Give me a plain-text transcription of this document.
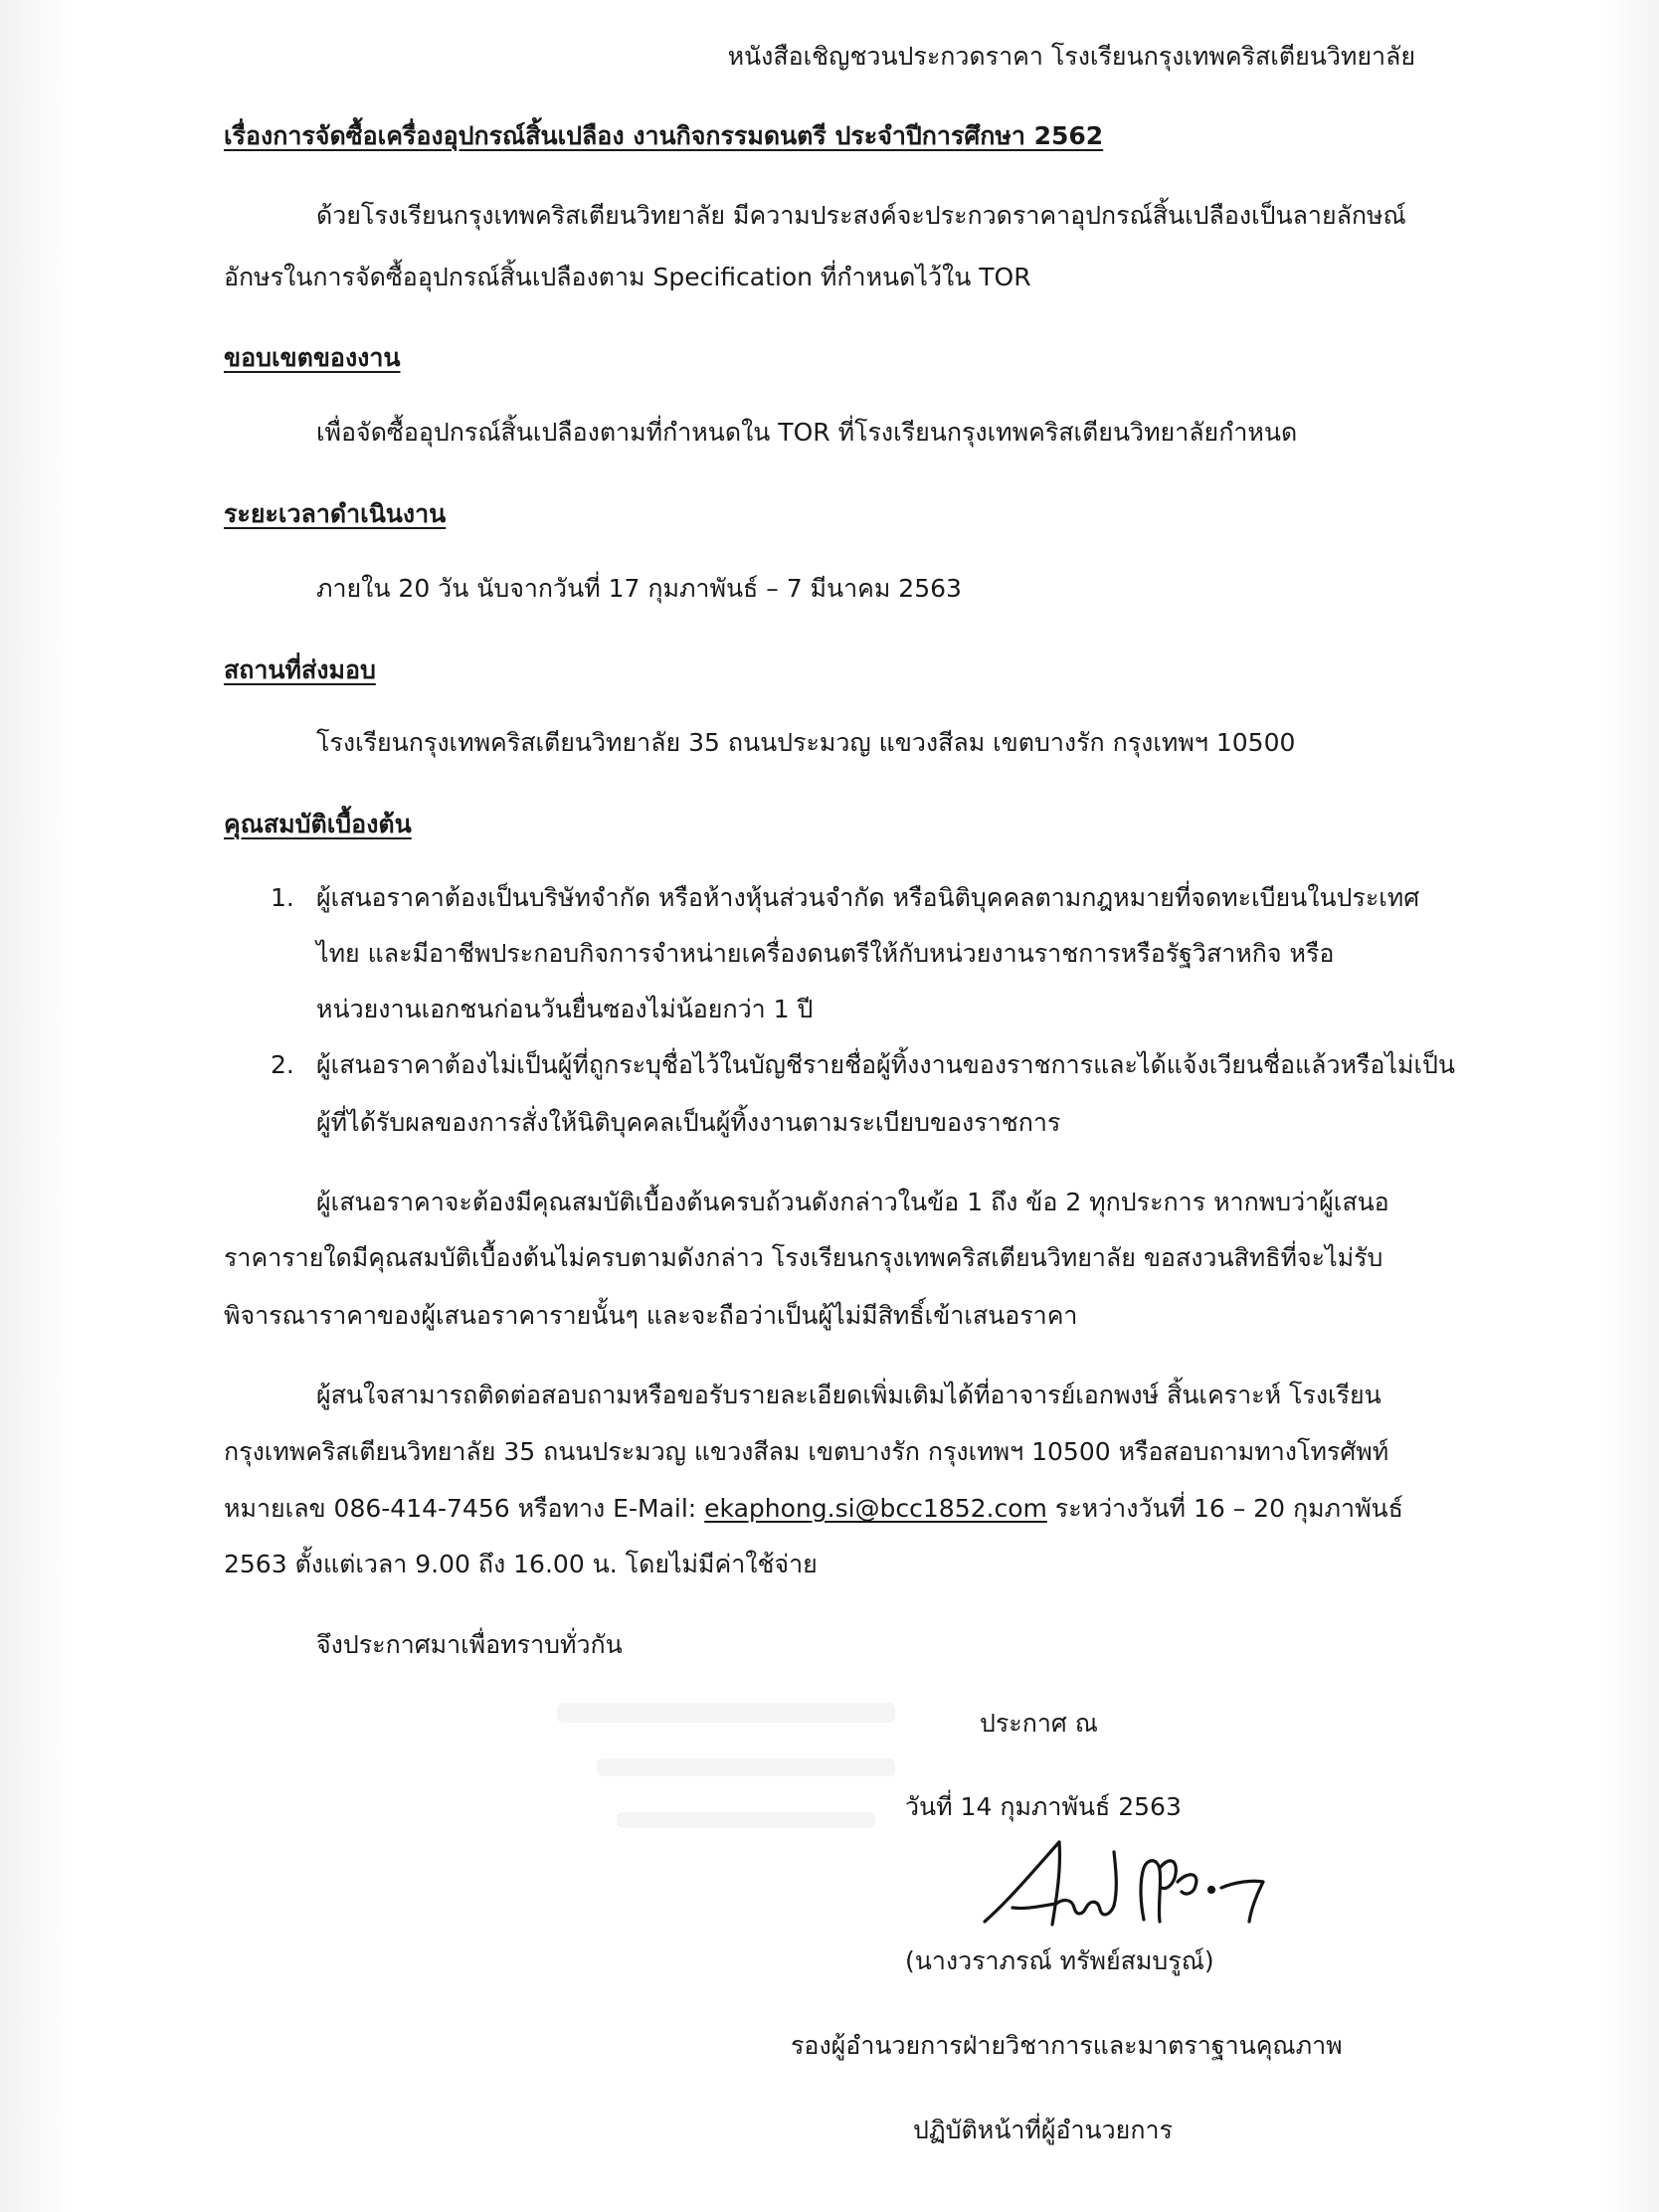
หนังสือเชิญชวนประกวดราคา โรงเรียนกรุงเทพคริสเตียนวิทยาลัย
เรื่องการจัดซื้อเครื่องอุปกรณ์สิ้นเปลือง งานกิจกรรมดนตรี ประจำปีการศึกษา 2562
ด้วยโรงเรียนกรุงเทพคริสเตียนวิทยาลัย มีความประสงค์จะประกวดราคาอุปกรณ์สิ้นเปลืองเป็นลายลักษณ์
อักษรในการจัดซื้ออุปกรณ์สิ้นเปลืองตาม Specification ที่กำหนดไว้ใน TOR
ขอบเขตของงาน
เพื่อจัดซื้ออุปกรณ์สิ้นเปลืองตามที่กำหนดใน TOR ที่โรงเรียนกรุงเทพคริสเตียนวิทยาลัยกำหนด
ระยะเวลาดำเนินงาน
ภายใน 20 วัน นับจากวันที่ 17 กุมภาพันธ์ – 7 มีนาคม 2563
สถานที่ส่งมอบ
โรงเรียนกรุงเทพคริสเตียนวิทยาลัย 35 ถนนประมวญ แขวงสีลม เขตบางรัก กรุงเทพฯ 10500
คุณสมบัติเบื้องต้น
1. ผู้เสนอราคาต้องเป็นบริษัทจำกัด หรือห้างหุ้นส่วนจำกัด หรือนิติบุคคลตามกฎหมายที่จดทะเบียนในประเทศ
ไทย และมีอาชีพประกอบกิจการจำหน่ายเครื่องดนตรีให้กับหน่วยงานราชการหรือรัฐวิสาหกิจ หรือ
หน่วยงานเอกชนก่อนวันยื่นซองไม่น้อยกว่า 1 ปี
2. ผู้เสนอราคาต้องไม่เป็นผู้ที่ถูกระบุชื่อไว้ในบัญชีรายชื่อผู้ทิ้งงานของราชการและได้แจ้งเวียนชื่อแล้วหรือไม่เป็น
ผู้ที่ได้รับผลของการสั่งให้นิติบุคคลเป็นผู้ทิ้งงานตามระเบียบของราชการ
ผู้เสนอราคาจะต้องมีคุณสมบัติเบื้องต้นครบถ้วนดังกล่าวในข้อ 1 ถึง ข้อ 2 ทุกประการ หากพบว่าผู้เสนอ
ราคารายใดมีคุณสมบัติเบื้องต้นไม่ครบตามดังกล่าว โรงเรียนกรุงเทพคริสเตียนวิทยาลัย ขอสงวนสิทธิที่จะไม่รับ
พิจารณาราคาของผู้เสนอราคารายนั้นๆ และจะถือว่าเป็นผู้ไม่มีสิทธิ์เข้าเสนอราคา
ผู้สนใจสามารถติดต่อสอบถามหรือขอรับรายละเอียดเพิ่มเติมได้ที่อาจารย์เอกพงษ์ สิ้นเคราะห์ โรงเรียน
กรุงเทพคริสเตียนวิทยาลัย 35 ถนนประมวญ แขวงสีลม เขตบางรัก กรุงเทพฯ 10500 หรือสอบถามทางโทรศัพท์
หมายเลข 086-414-7456 หรือทาง E-Mail: ekaphong.si@bcc1852.com ระหว่างวันที่ 16 – 20 กุมภาพันธ์
2563 ตั้งแต่เวลา 9.00 ถึง 16.00 น. โดยไม่มีค่าใช้จ่าย
จึงประกาศมาเพื่อทราบทั่วกัน
ประกาศ ณ
วันที่ 14 กุมภาพันธ์ 2563
(นางวราภรณ์ ทรัพย์สมบรูณ์)
รองผู้อำนวยการฝ่ายวิชาการและมาตราฐานคุณภาพ
ปฏิบัติหน้าที่ผู้อำนวยการ
